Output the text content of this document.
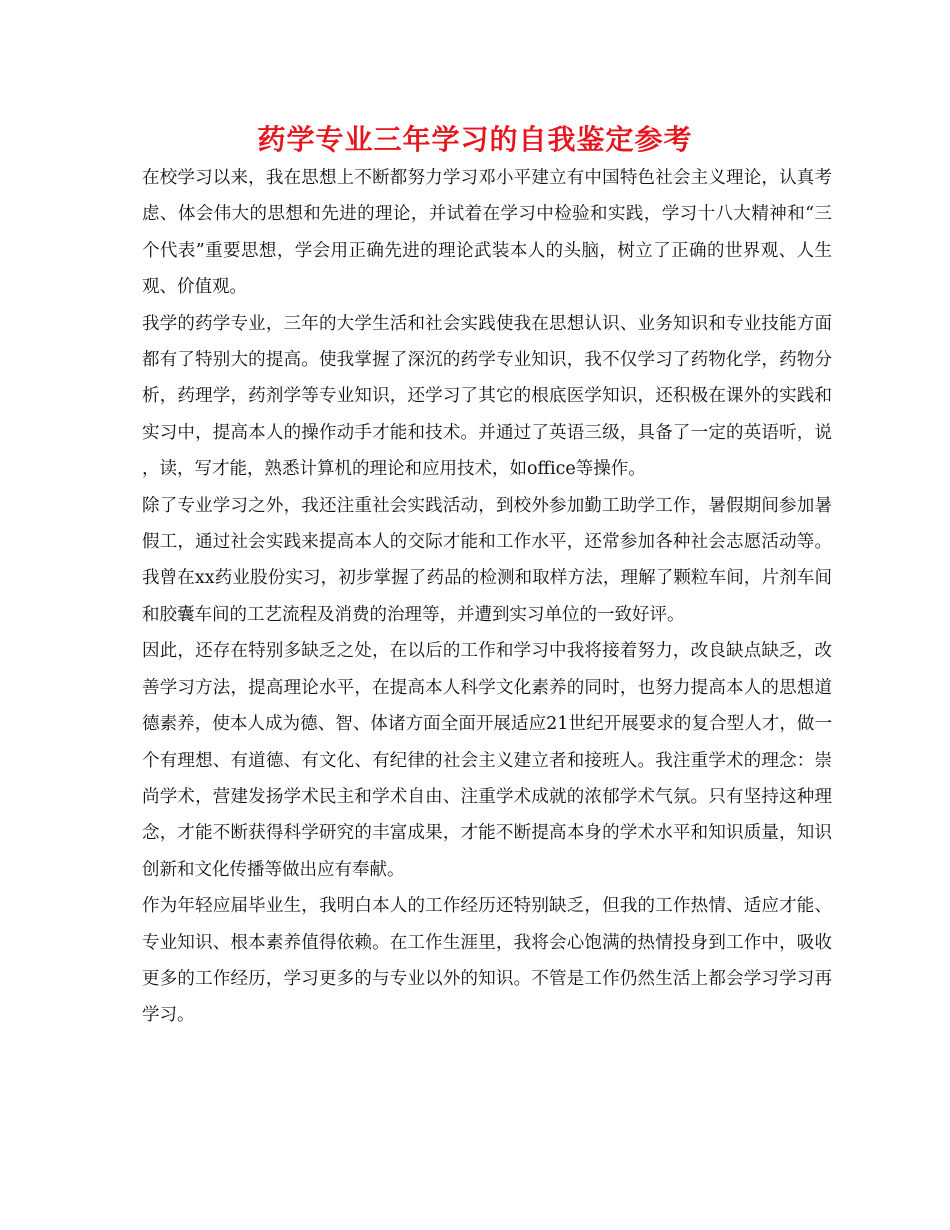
药学专业三年学习的自我鉴定参考

在校学习以来，我在思想上不断都努力学习邓小平建立有中国特色社会主义理论，认真考虑、体会伟大的思想和先进的理论，并试着在学习中检验和实践，学习十八大精神和“三个代表”重要思想，学会用正确先进的理论武装本人的头脑，树立了正确的世界观、人生观、价值观。

我学的药学专业，三年的大学生活和社会实践使我在思想认识、业务知识和专业技能方面都有了特别大的提高。使我掌握了深沉的药学专业知识，我不仅学习了药物化学，药物分析，药理学，药剂学等专业知识，还学习了其它的根底医学知识，还积极在课外的实践和实习中，提高本人的操作动手才能和技术。并通过了英语三级，具备了一定的英语听，说，读，写才能，熟悉计算机的理论和应用技术，如office等操作。

除了专业学习之外，我还注重社会实践活动，到校外参加勤工助学工作，暑假期间参加暑假工，通过社会实践来提高本人的交际才能和工作水平，还常参加各种社会志愿活动等。我曾在xx药业股份实习，初步掌握了药品的检测和取样方法，理解了颗粒车间，片剂车间和胶囊车间的工艺流程及消费的治理等，并遭到实习单位的一致好评。

因此，还存在特别多缺乏之处，在以后的工作和学习中我将接着努力，改良缺点缺乏，改善学习方法，提高理论水平，在提高本人科学文化素养的同时，也努力提高本人的思想道德素养，使本人成为德、智、体诸方面全面开展适应21世纪开展要求的复合型人才，做一个有理想、有道德、有文化、有纪律的社会主义建立者和接班人。我注重学术的理念：崇尚学术，营建发扬学术民主和学术自由、注重学术成就的浓郁学术气氛。只有坚持这种理念，才能不断获得科学研究的丰富成果，才能不断提高本身的学术水平和知识质量，知识创新和文化传播等做出应有奉献。

作为年轻应届毕业生，我明白本人的工作经历还特别缺乏，但我的工作热情、适应才能、专业知识、根本素养值得依赖。在工作生涯里，我将会心饱满的热情投身到工作中，吸收更多的工作经历，学习更多的与专业以外的知识。不管是工作仍然生活上都会学习学习再学习。
